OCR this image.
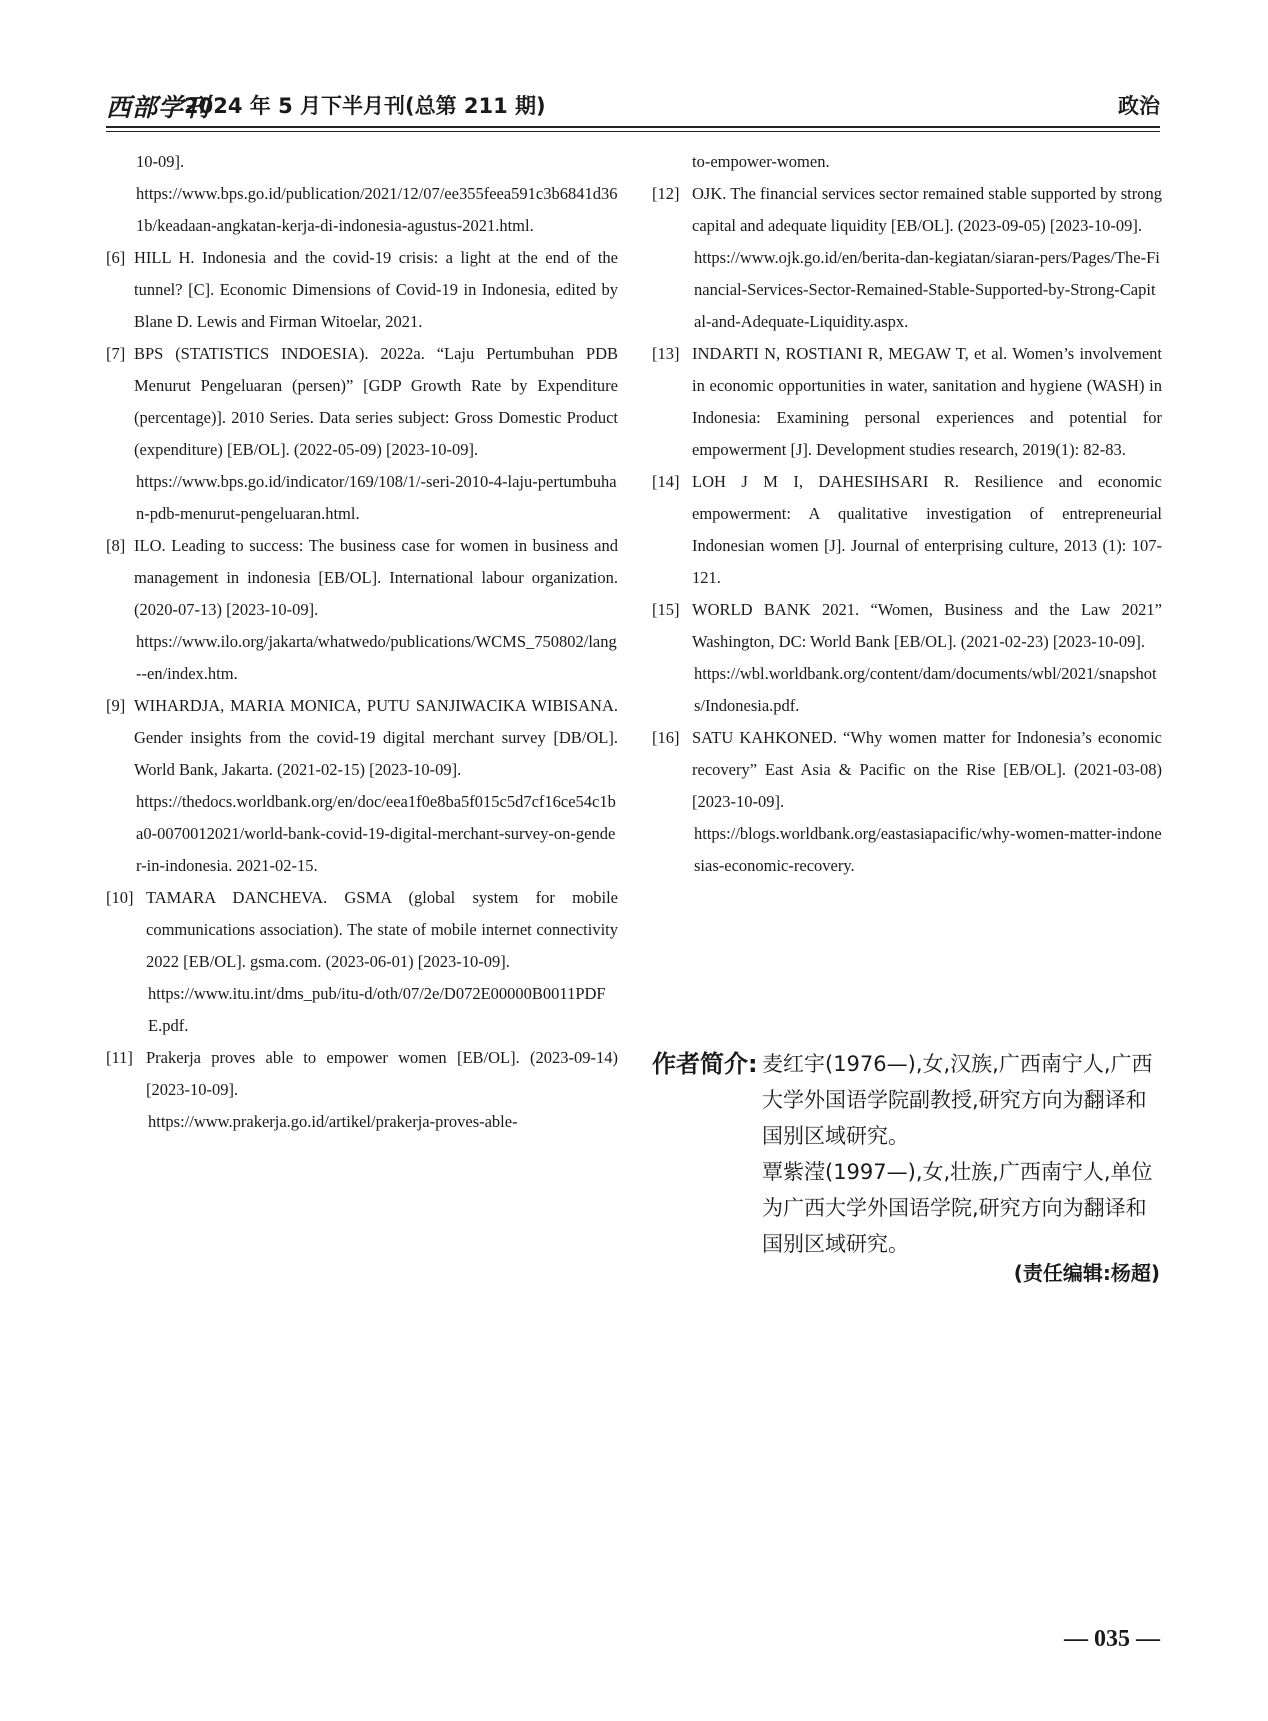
西部学刊
2024 年 5 月下半月刊(总第 211 期)	政治
10-09].
https://www.bps.go.id/publication/2021/12/07/ee355feea591c3b6841d361b/keadaan-angkatan-kerja-di-indonesia-agustus-2021.html.
[6] HILL H. Indonesia and the covid-19 crisis: a light at the end of the tunnel? [C]. Economic Dimensions of Covid-19 in Indonesia, edited by Blane D. Lewis and Firman Witoelar, 2021.
[7] BPS (STATISTICS INDOESIA). 2022a. “Laju Pertumbuhan PDB Menurut Pengeluaran (persen)” [GDP Growth Rate by Expenditure (percentage)]. 2010 Series. Data series subject: Gross Domestic Product (expenditure) [EB/OL]. (2022-05-09) [2023-10-09].
https://www.bps.go.id/indicator/169/108/1/-seri-2010-4-laju-pertumbuhan-pdb-menurut-pengeluaran.html.
[8] ILO. Leading to success: The business case for women in business and management in indonesia [EB/OL]. International labour organization. (2020-07-13) [2023-10-09].
https://www.ilo.org/jakarta/whatwedo/publications/WCMS_750802/lang--en/index.htm.
[9] WIHARDJA, MARIA MONICA, PUTU SANJIWACIKA WIBISANA. Gender insights from the covid-19 digital merchant survey [DB/OL]. World Bank, Jakarta. (2021-02-15) [2023-10-09].
https://thedocs.worldbank.org/en/doc/eea1f0e8ba5f015c5d7cf16ce54c1ba0-0070012021/world-bank-covid-19-digital-merchant-survey-on-gender-in-indonesia. 2021-02-15.
[10] TAMARA DANCHEVA. GSMA (global system for mobile communications association). The state of mobile internet connectivity 2022 [EB/OL]. gsma.com. (2023-06-01) [2023-10-09].
https://www.itu.int/dms_pub/itu-d/oth/07/2e/D072E00000B0011PDFE.pdf.
[11] Prakerja proves able to empower women [EB/OL]. (2023-09-14) [2023-10-09].
https://www.prakerja.go.id/artikel/prakerja-proves-able-
to-empower-women.
[12] OJK. The financial services sector remained stable supported by strong capital and adequate liquidity [EB/OL]. (2023-09-05) [2023-10-09].
https://www.ojk.go.id/en/berita-dan-kegiatan/siaran-pers/Pages/The-Financial-Services-Sector-Remained-Stable-Supported-by-Strong-Capital-and-Adequate-Liquidity.aspx.
[13] INDARTI N, ROSTIANI R, MEGAW T, et al. Women’s involvement in economic opportunities in water, sanitation and hygiene (WASH) in Indonesia: Examining personal experiences and potential for empowerment [J]. Development studies research, 2019(1): 82-83.
[14] LOH J M I, DAHESIHSARI R. Resilience and economic empowerment: A qualitative investigation of entrepreneurial Indonesian women [J]. Journal of enterprising culture, 2013 (1): 107-121.
[15] WORLD BANK 2021. “Women, Business and the Law 2021” Washington, DC: World Bank [EB/OL]. (2021-02-23) [2023-10-09].
https://wbl.worldbank.org/content/dam/documents/wbl/2021/snapshots/Indonesia.pdf.
[16] SATU KAHKONED. “Why women matter for Indonesia’s economic recovery” East Asia & Pacific on the Rise [EB/OL]. (2021-03-08) [2023-10-09].
https://blogs.worldbank.org/eastasiapacific/why-women-matter-indonesias-economic-recovery.
作者简介: 麦红宇(1976—),女,汉族,广西南宁人,广西大学外国语学院副教授,研究方向为翻译和国别区域研究。

覃紫滢(1997—),女,壮族,广西南宁人,单位为广西大学外国语学院,研究方向为翻译和国别区域研究。

(责任编辑:杨超)
— 035 —
